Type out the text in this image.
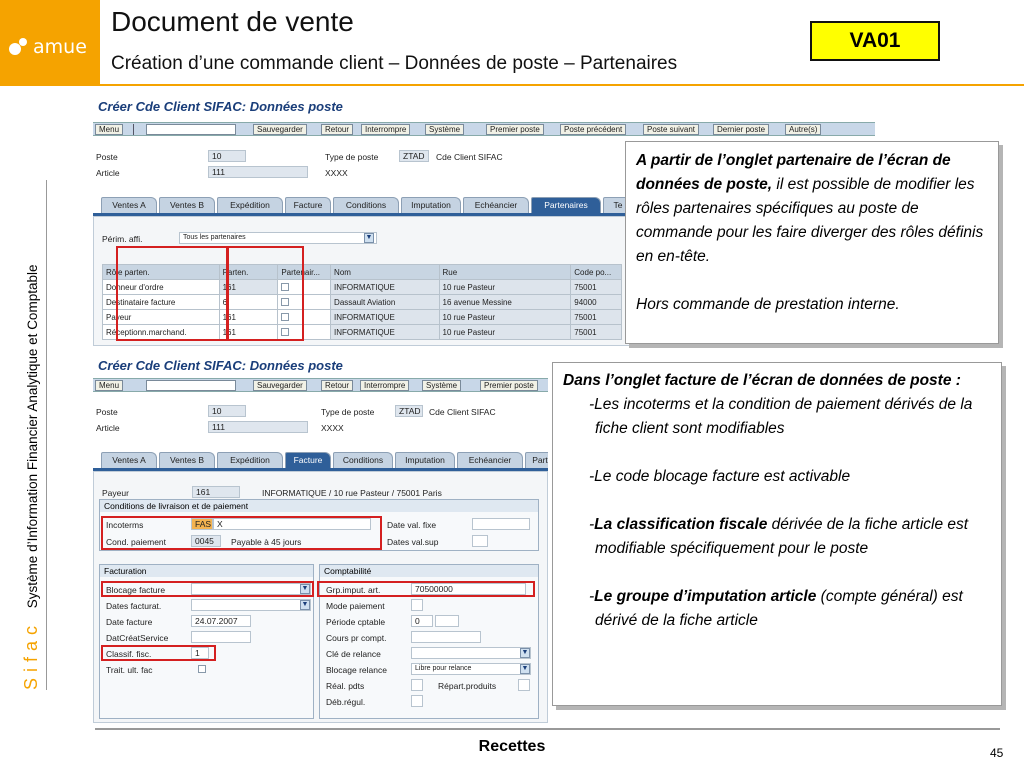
amue
Document de vente
Création d’une commande client – Données de poste – Partenaires
VA01
Sifac Système d’Information Financier Analytique et Comptable
Créer Cde Client SIFAC: Données poste
Menu	Sauvegarder	Retour	Interrompre	Système	Premier poste	Poste précédent	Poste suivant	Dernier poste	Autre(s)
Poste	10	Type de poste	ZTAD	Cde Client SIFAC
Article	111	XXXX
Ventes A	Ventes B	Expédition	Facture	Conditions	Imputation	Echéancier	Partenaires	Te
Périm. affi.	Tous les partenaires	▼
Rôle parten.	Parten.	Partenair...	Nom	Rue	Code po...
Donneur d'ordre	161		INFORMATIQUE	10 rue Pasteur	75001
Destinataire facture	6		Dassault Aviation	16 avenue Messine	94000
Payeur	161		INFORMATIQUE	10 rue Pasteur	75001
Réceptionn.marchand.	161		INFORMATIQUE	10 rue Pasteur	75001
Créer Cde Client SIFAC: Données poste
Menu	Sauvegarder	Retour	Interrompre	Système	Premier poste
Poste	10	Type de poste	ZTAD Cde Client SIFAC
Article	111	XXXX
Ventes A	Ventes B	Expédition	Facture	Conditions	Imputation	Echéancier	Part
Payeur	161	INFORMATIQUE / 10 rue Pasteur / 75001 Paris
Conditions de livraison et de paiement
Incoterms	FAS X	Date val. fixe
Cond. paiement	0045	Payable à 45 jours	Dates val.sup
Facturation
Blocage facture	▼
Dates facturat.	▼
Date facture	24.07.2007
DatCréatService
Classif. fisc.	1
Trait. ult. fac
Comptabilité
Grp.imput. art.	70500000
Mode paiement
Période cptable	0
Cours pr compt.
Clé de relance	▼
Blocage relance	Libre pour relance	▼
Réal. pdts	Répart.produits
Déb.régul.

A partir de l’onglet partenaire de l’écran de données de poste, il est possible de modifier les rôles partenaires spécifiques au poste de commande pour les faire diverger des rôles définis en en-tête.

Hors commande de prestation interne.

Dans l’onglet facture de l’écran de données de poste :

-Les incoterms et la condition de paiement dérivés de la fiche client sont modifiables

-Le code blocage facture est activable

-La classification fiscale dérivée de la fiche article est modifiable spécifiquement pour le poste

-Le groupe d’imputation article (compte général) est dérivé de la fiche article

Recettes	45
